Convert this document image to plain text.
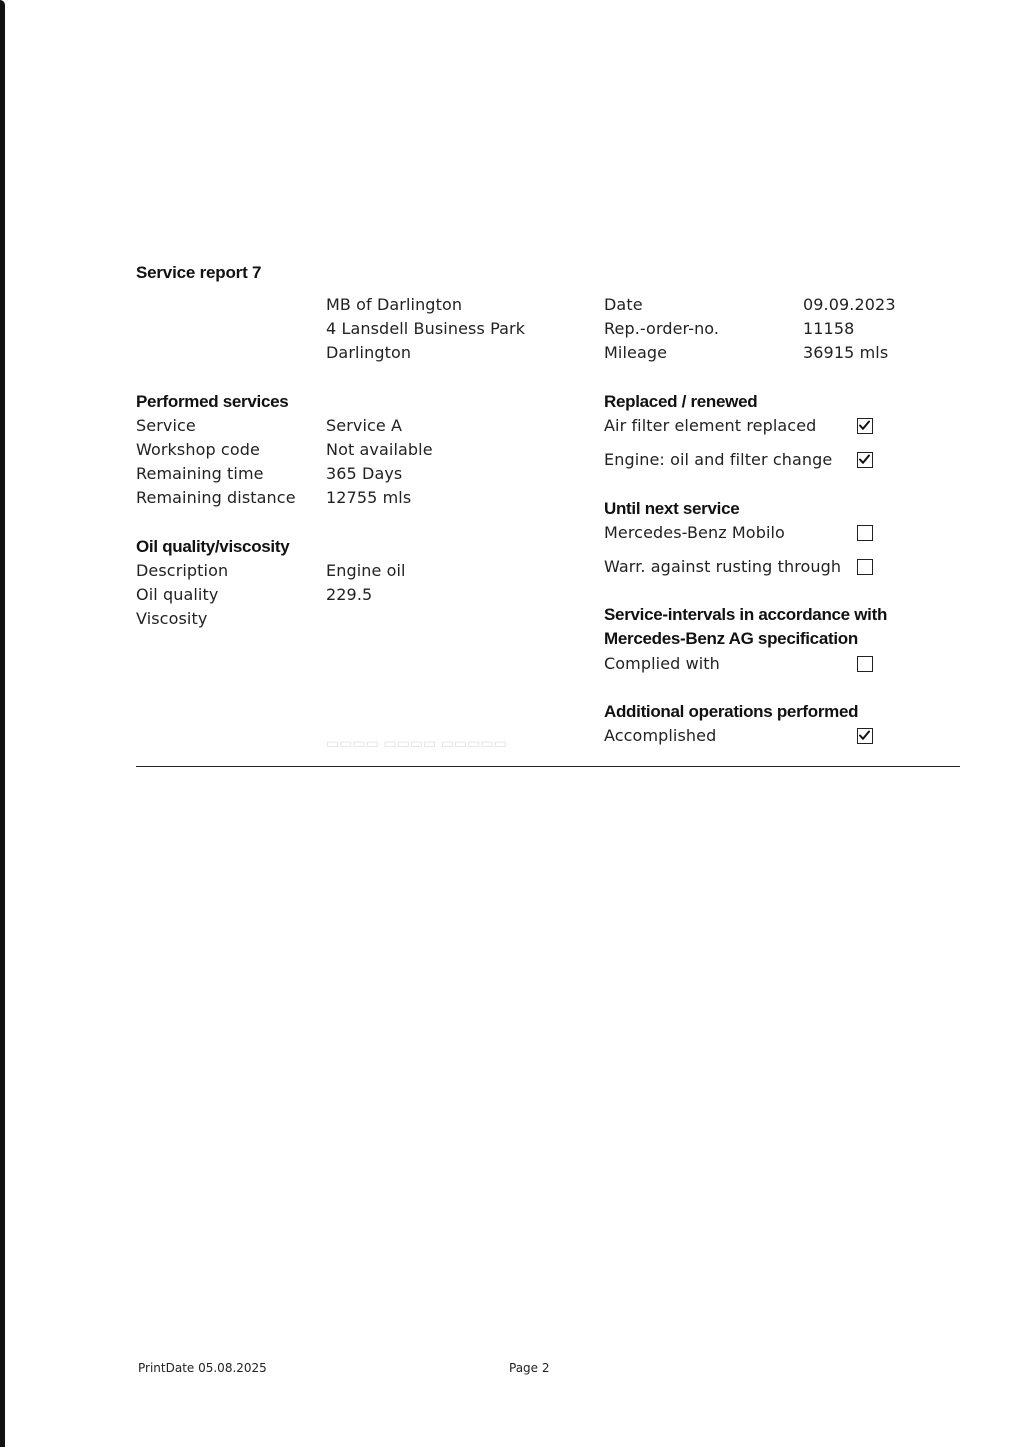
▭▭▭▭▭ ▭▭▭▭ ▭▭▭▭
Service report 7
MB of Darlington
4 Lansdell Business Park
Darlington
Date	09.09.2023
Rep.-order-no.	11158
Mileage	36915 mls
Performed services
Service	Service A
Workshop code	Not available
Remaining time	365 Days
Remaining distance 12755 mls
Oil quality/viscosity
Description	Engine oil
Oil quality	229.5
Viscosity
Replaced / renewed
Air filter element replaced
Engine: oil and filter change
Until next service
Mercedes-Benz Mobilo
Warr. against rusting through
Service-intervals in accordance with
Mercedes-Benz AG specification
Complied with
Additional operations performed
Accomplished
PrintDate 05.08.2025	Page 2
